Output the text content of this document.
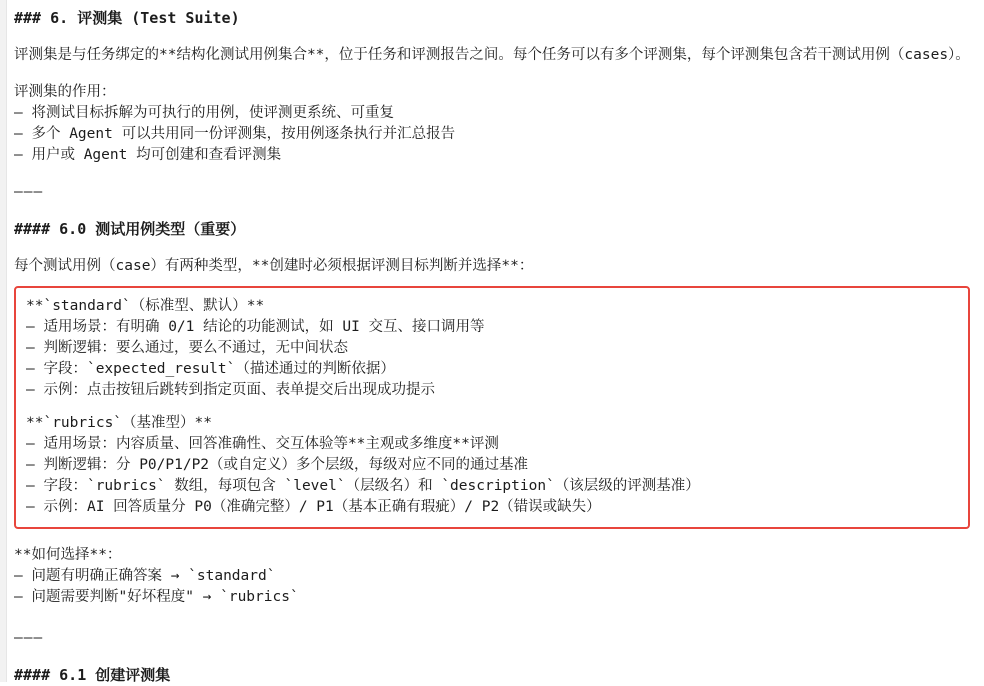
### 6. 评测集 (Test Suite)
评测集是与任务绑定的**结构化测试用例集合**，位于任务和评测报告之间。每个任务可以有多个评测集，每个评测集包含若干测试用例（cases）。
评测集的作用：
– 将测试目标拆解为可执行的用例，使评测更系统、可重复
– 多个 Agent 可以共用同一份评测集，按用例逐条执行并汇总报告
– 用户或 Agent 均可创建和查看评测集
———
#### 6.0 测试用例类型（重要）
每个测试用例（case）有两种类型，**创建时必须根据评测目标判断并选择**：
**`standard`（标准型、默认）**
– 适用场景：有明确 0/1 结论的功能测试，如 UI 交互、接口调用等
– 判断逻辑：要么通过，要么不通过，无中间状态
– 字段：`expected_result`（描述通过的判断依据）
– 示例：点击按钮后跳转到指定页面、表单提交后出现成功提示
**`rubrics`（基准型）**
– 适用场景：内容质量、回答准确性、交互体验等**主观或多维度**评测
– 判断逻辑：分 P0/P1/P2（或自定义）多个层级，每级对应不同的通过基准
– 字段：`rubrics` 数组，每项包含 `level`（层级名）和 `description`（该层级的评测基准）
– 示例：AI 回答质量分 P0（准确完整）/ P1（基本正确有瑕疵）/ P2（错误或缺失）
**如何选择**：
– 问题有明确正确答案 → `standard`
– 问题需要判断"好坏程度" → `rubrics`
———
#### 6.1 创建评测集
